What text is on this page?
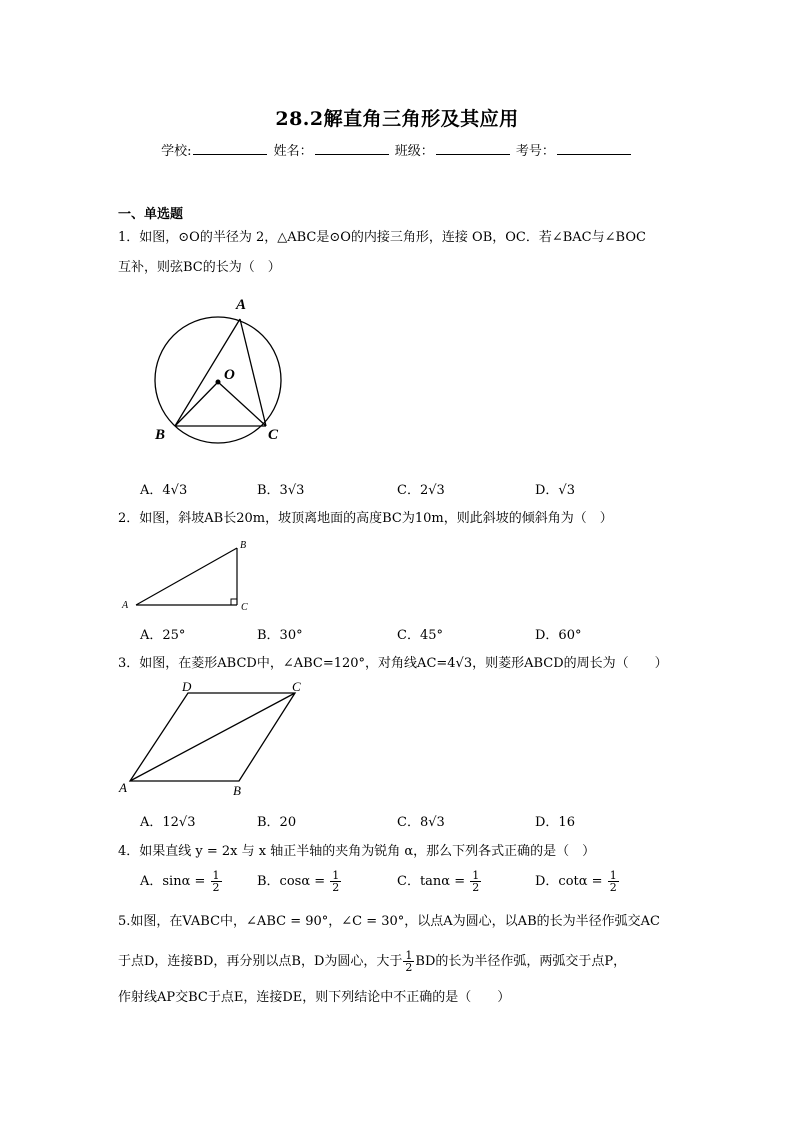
28.2解直角三角形及其应用
学校:	姓名：	班级：	考号：
一、单选题
1．如图，⊙O的半径为 2，△ABC是⊙O的内接三角形，连接 OB，OC．若∠BAC与∠BOC
互补，则弦BC的长为（　）
A
O
B	C
A．4√3	B．3√3	C．2√3	D．√3
2．如图，斜坡AB长20m，坡顶离地面的高度BC为10m，则此斜坡的倾斜角为（　）
A
B
C
A．25°	B．30°	C．45°	D．60°
3．如图，在菱形ABCD中，∠ABC=120°，对角线AC=4√3，则菱形ABCD的周长为（　　）
A	B
C
D
A．12√3	B．20	C．8√3	D．16
4．如果直线 y = 2x 与 x 轴正半轴的夹角为锐角 α，那么下列各式正确的是（　）
A．$\sin\alpha = \frac{1}{2}$	B．$\cos\alpha = \frac{1}{2}$	C．$\tan\alpha = \frac{1}{2}$	D．$\cot\alpha = \frac{1}{2}$
5.如图，在VABC中，∠ABC = 90°，∠C = 30°，以点A为圆心，以AB的长为半径作弧交AC
于点D，连接BD，再分别以点B，D为圆心，大于 $\frac{1}{2}$ BD的长为半径作弧，两弧交于点P，
作射线AP交BC于点E，连接DE，则下列结论中不正确的是（　　）
